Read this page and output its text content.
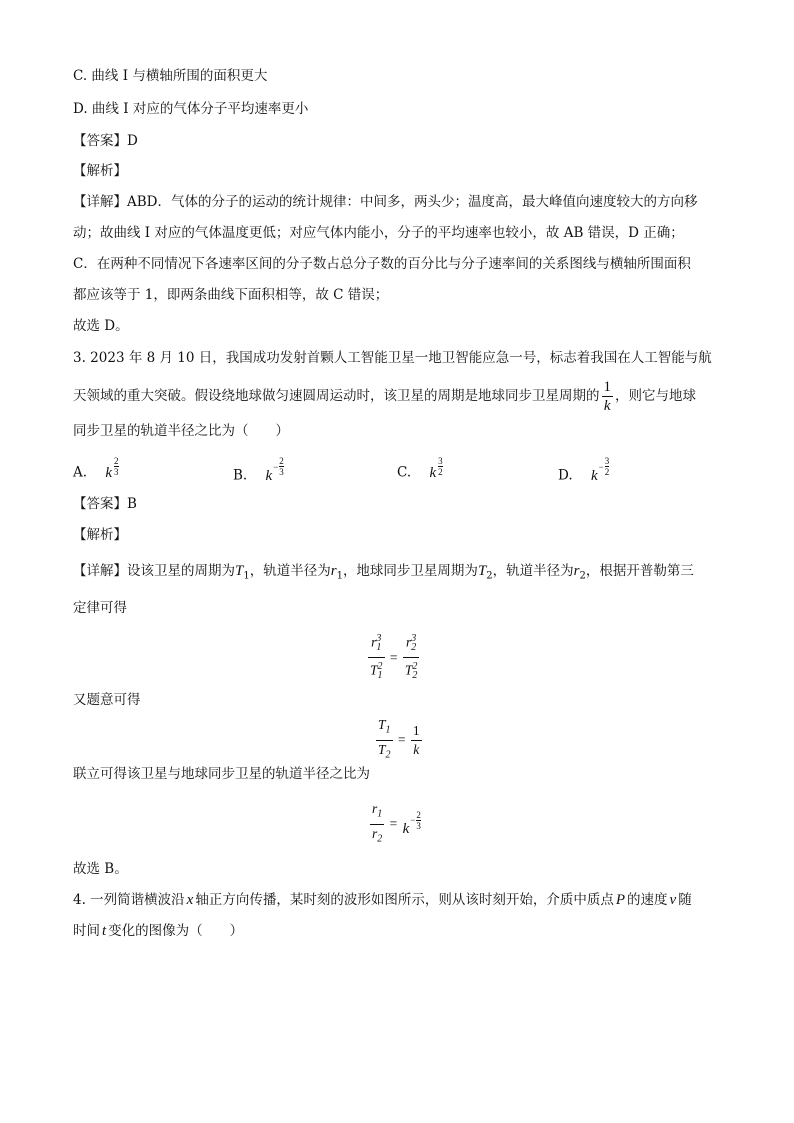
C. 曲线 I 与横轴所围的面积更大
D. 曲线 I 对应的气体分子平均速率更小
【答案】D
【解析】
【详解】ABD．气体的分子的运动的统计规律：中间多，两头少；温度高，最大峰值向速度较大的方向移
动；故曲线 I 对应的气体温度更低；对应气体内能小，分子的平均速率也较小，故 AB 错误，D 正确；
C．在两种不同情况下各速率区间的分子数占总分子数的百分比与分子速率间的关系图线与横轴所围面积
都应该等于 1，即两条曲线下面积相等，故 C 错误；
故选 D。
3. 2023 年 8 月 10 日，我国成功发射首颗人工智能卫星一地卫智能应急一号，标志着我国在人工智能与航
天领域的重大突破。假设绕地球做匀速圆周运动时，该卫星的周期是地球同步卫星周期的 $\frac{1}{k}$ ，则它与地球
同步卫星的轨道半径之比为（　　）
A. k
2
3	B. k
−
2
3	C. k
3
2	D. k
−
3
2
【答案】B
【解析】
【详解】设该卫星的周期为$T_1$，轨道半径为$r_1$，地球同步卫星周期为$T_2$，轨道半径为$r_2$，根据开普勒第三
定律可得
$\frac{r_1^3}{T_1^2} = \frac{r_2^3}{T_2^2}$
又题意可得
$\frac{T_1}{T_2} = \frac{1}{k}$
联立可得该卫星与地球同步卫星的轨道半径之比为
$\frac{r_1}{r_2} = k$
−
2
3
故选 B。
4. 一列简谐横波沿 x 轴正方向传播，某时刻的波形如图所示，则从该时刻开始，介质中质点 P 的速度 v 随
时间 t 变化的图像为（　　）
